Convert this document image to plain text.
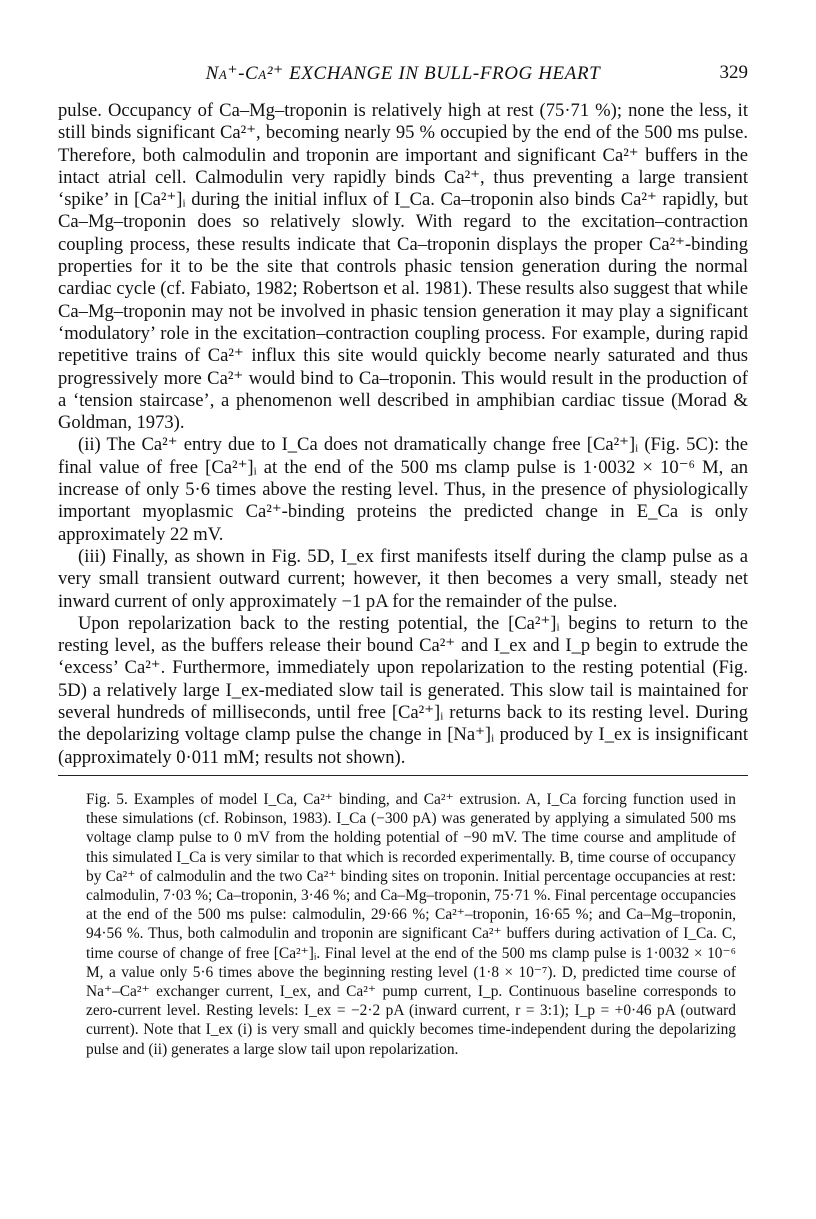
Na⁺-Ca²⁺ EXCHANGE IN BULL-FROG HEART	329

pulse. Occupancy of Ca–Mg–troponin is relatively high at rest (75·71 %); none the less, it still binds significant Ca²⁺, becoming nearly 95 % occupied by the end of the 500 ms pulse. Therefore, both calmodulin and troponin are important and significant Ca²⁺ buffers in the intact atrial cell. Calmodulin very rapidly binds Ca²⁺, thus preventing a large transient ‘spike’ in [Ca²⁺]ᵢ during the initial influx of I_Ca. Ca–troponin also binds Ca²⁺ rapidly, but Ca–Mg–troponin does so relatively slowly. With regard to the excitation–contraction coupling process, these results indicate that Ca–troponin displays the proper Ca²⁺-binding properties for it to be the site that controls phasic tension generation during the normal cardiac cycle (cf. Fabiato, 1982; Robertson et al. 1981). These results also suggest that while Ca–Mg–troponin may not be involved in phasic tension generation it may play a significant ‘modulatory’ role in the excitation–contraction coupling process. For example, during rapid repetitive trains of Ca²⁺ influx this site would quickly become nearly saturated and thus progressively more Ca²⁺ would bind to Ca–troponin. This would result in the production of a ‘tension staircase’, a phenomenon well described in amphibian cardiac tissue (Morad & Goldman, 1973).

(ii) The Ca²⁺ entry due to I_Ca does not dramatically change free [Ca²⁺]ᵢ (Fig. 5C): the final value of free [Ca²⁺]ᵢ at the end of the 500 ms clamp pulse is 1·0032 × 10⁻⁶ M, an increase of only 5·6 times above the resting level. Thus, in the presence of physiologically important myoplasmic Ca²⁺-binding proteins the predicted change in E_Ca is only approximately 22 mV.

(iii) Finally, as shown in Fig. 5D, I_ex first manifests itself during the clamp pulse as a very small transient outward current; however, it then becomes a very small, steady net inward current of only approximately −1 pA for the remainder of the pulse.

Upon repolarization back to the resting potential, the [Ca²⁺]ᵢ begins to return to the resting level, as the buffers release their bound Ca²⁺ and I_ex and I_p begin to extrude the ‘excess’ Ca²⁺. Furthermore, immediately upon repolarization to the resting potential (Fig. 5D) a relatively large I_ex-mediated slow tail is generated. This slow tail is maintained for several hundreds of milliseconds, until free [Ca²⁺]ᵢ returns back to its resting level. During the depolarizing voltage clamp pulse the change in [Na⁺]ᵢ produced by I_ex is insignificant (approximately 0·011 mM; results not shown).

Fig. 5. Examples of model I_Ca, Ca²⁺ binding, and Ca²⁺ extrusion. A, I_Ca forcing function used in these simulations (cf. Robinson, 1983). I_Ca (−300 pA) was generated by applying a simulated 500 ms voltage clamp pulse to 0 mV from the holding potential of −90 mV. The time course and amplitude of this simulated I_Ca is very similar to that which is recorded experimentally. B, time course of occupancy by Ca²⁺ of calmodulin and the two Ca²⁺ binding sites on troponin. Initial percentage occupancies at rest: calmodulin, 7·03 %; Ca–troponin, 3·46 %; and Ca–Mg–troponin, 75·71 %. Final percentage occupancies at the end of the 500 ms pulse: calmodulin, 29·66 %; Ca²⁺–troponin, 16·65 %; and Ca–Mg–troponin, 94·56 %. Thus, both calmodulin and troponin are significant Ca²⁺ buffers during activation of I_Ca. C, time course of change of free [Ca²⁺]ᵢ. Final level at the end of the 500 ms clamp pulse is 1·0032 × 10⁻⁶ M, a value only 5·6 times above the beginning resting level (1·8 × 10⁻⁷). D, predicted time course of Na⁺–Ca²⁺ exchanger current, I_ex, and Ca²⁺ pump current, I_p. Continuous baseline corresponds to zero-current level. Resting levels: I_ex = −2·2 pA (inward current, r = 3:1); I_p = +0·46 pA (outward current). Note that I_ex (i) is very small and quickly becomes time-independent during the depolarizing pulse and (ii) generates a large slow tail upon repolarization.
